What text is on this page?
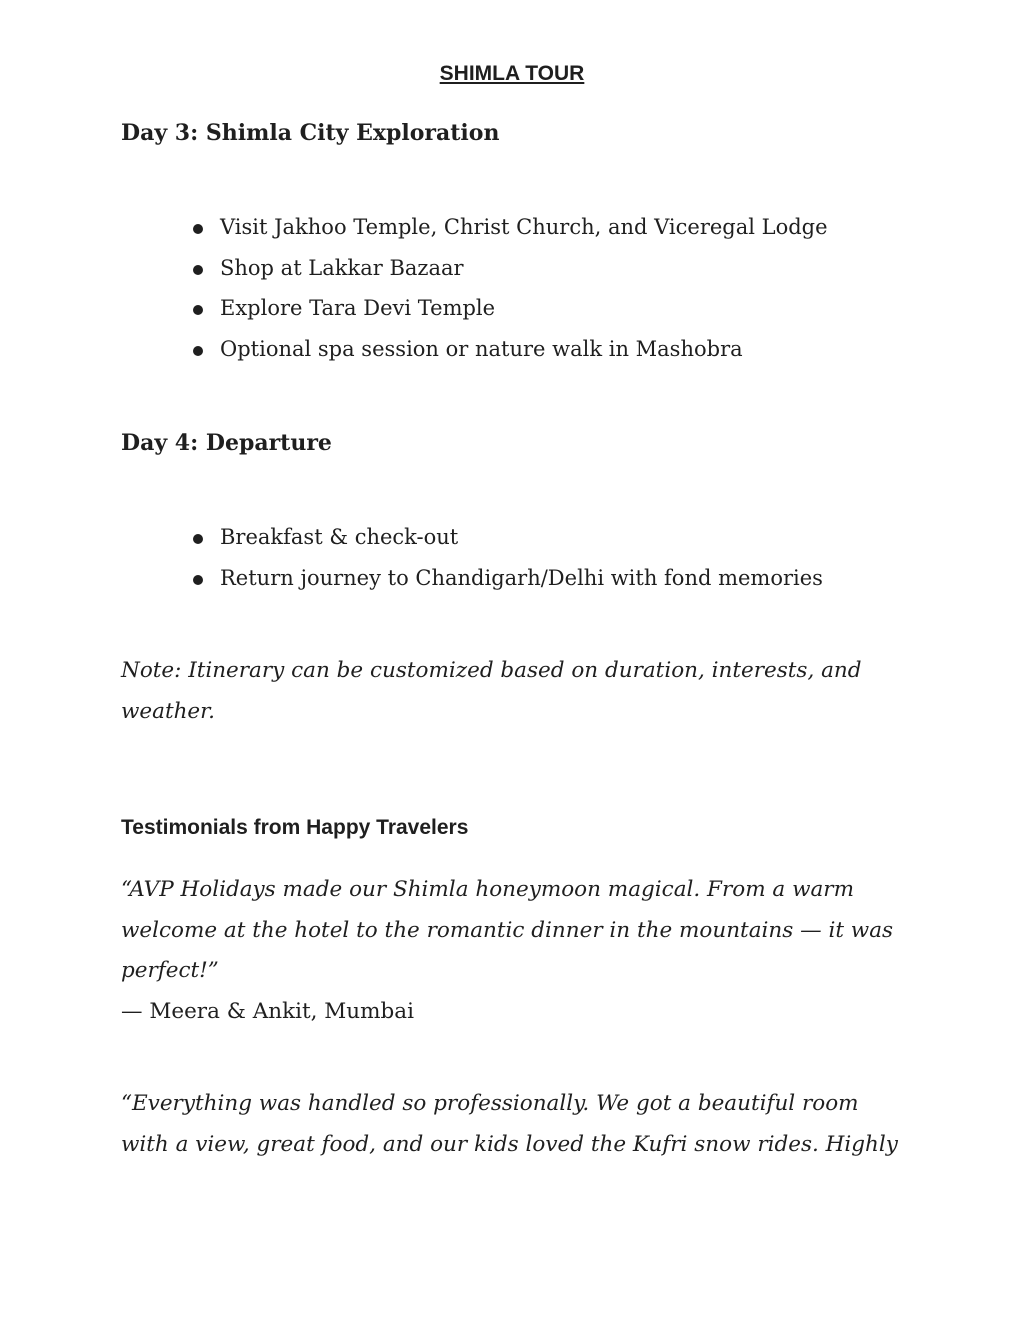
SHIMLA TOUR
Day 3: Shimla City Exploration
Visit Jakhoo Temple, Christ Church, and Viceregal Lodge
Shop at Lakkar Bazaar
Explore Tara Devi Temple
Optional spa session or nature walk in Mashobra
Day 4: Departure
Breakfast & check-out
Return journey to Chandigarh/Delhi with fond memories

Note: Itinerary can be customized based on duration, interests, and weather.

Testimonials from Happy Travelers
“AVP Holidays made our Shimla honeymoon magical. From a warm welcome at the hotel to the romantic dinner in the mountains — it was perfect!”
— Meera & Ankit, Mumbai
“Everything was handled so professionally. We got a beautiful room with a view, great food, and our kids loved the Kufri snow rides. Highly
